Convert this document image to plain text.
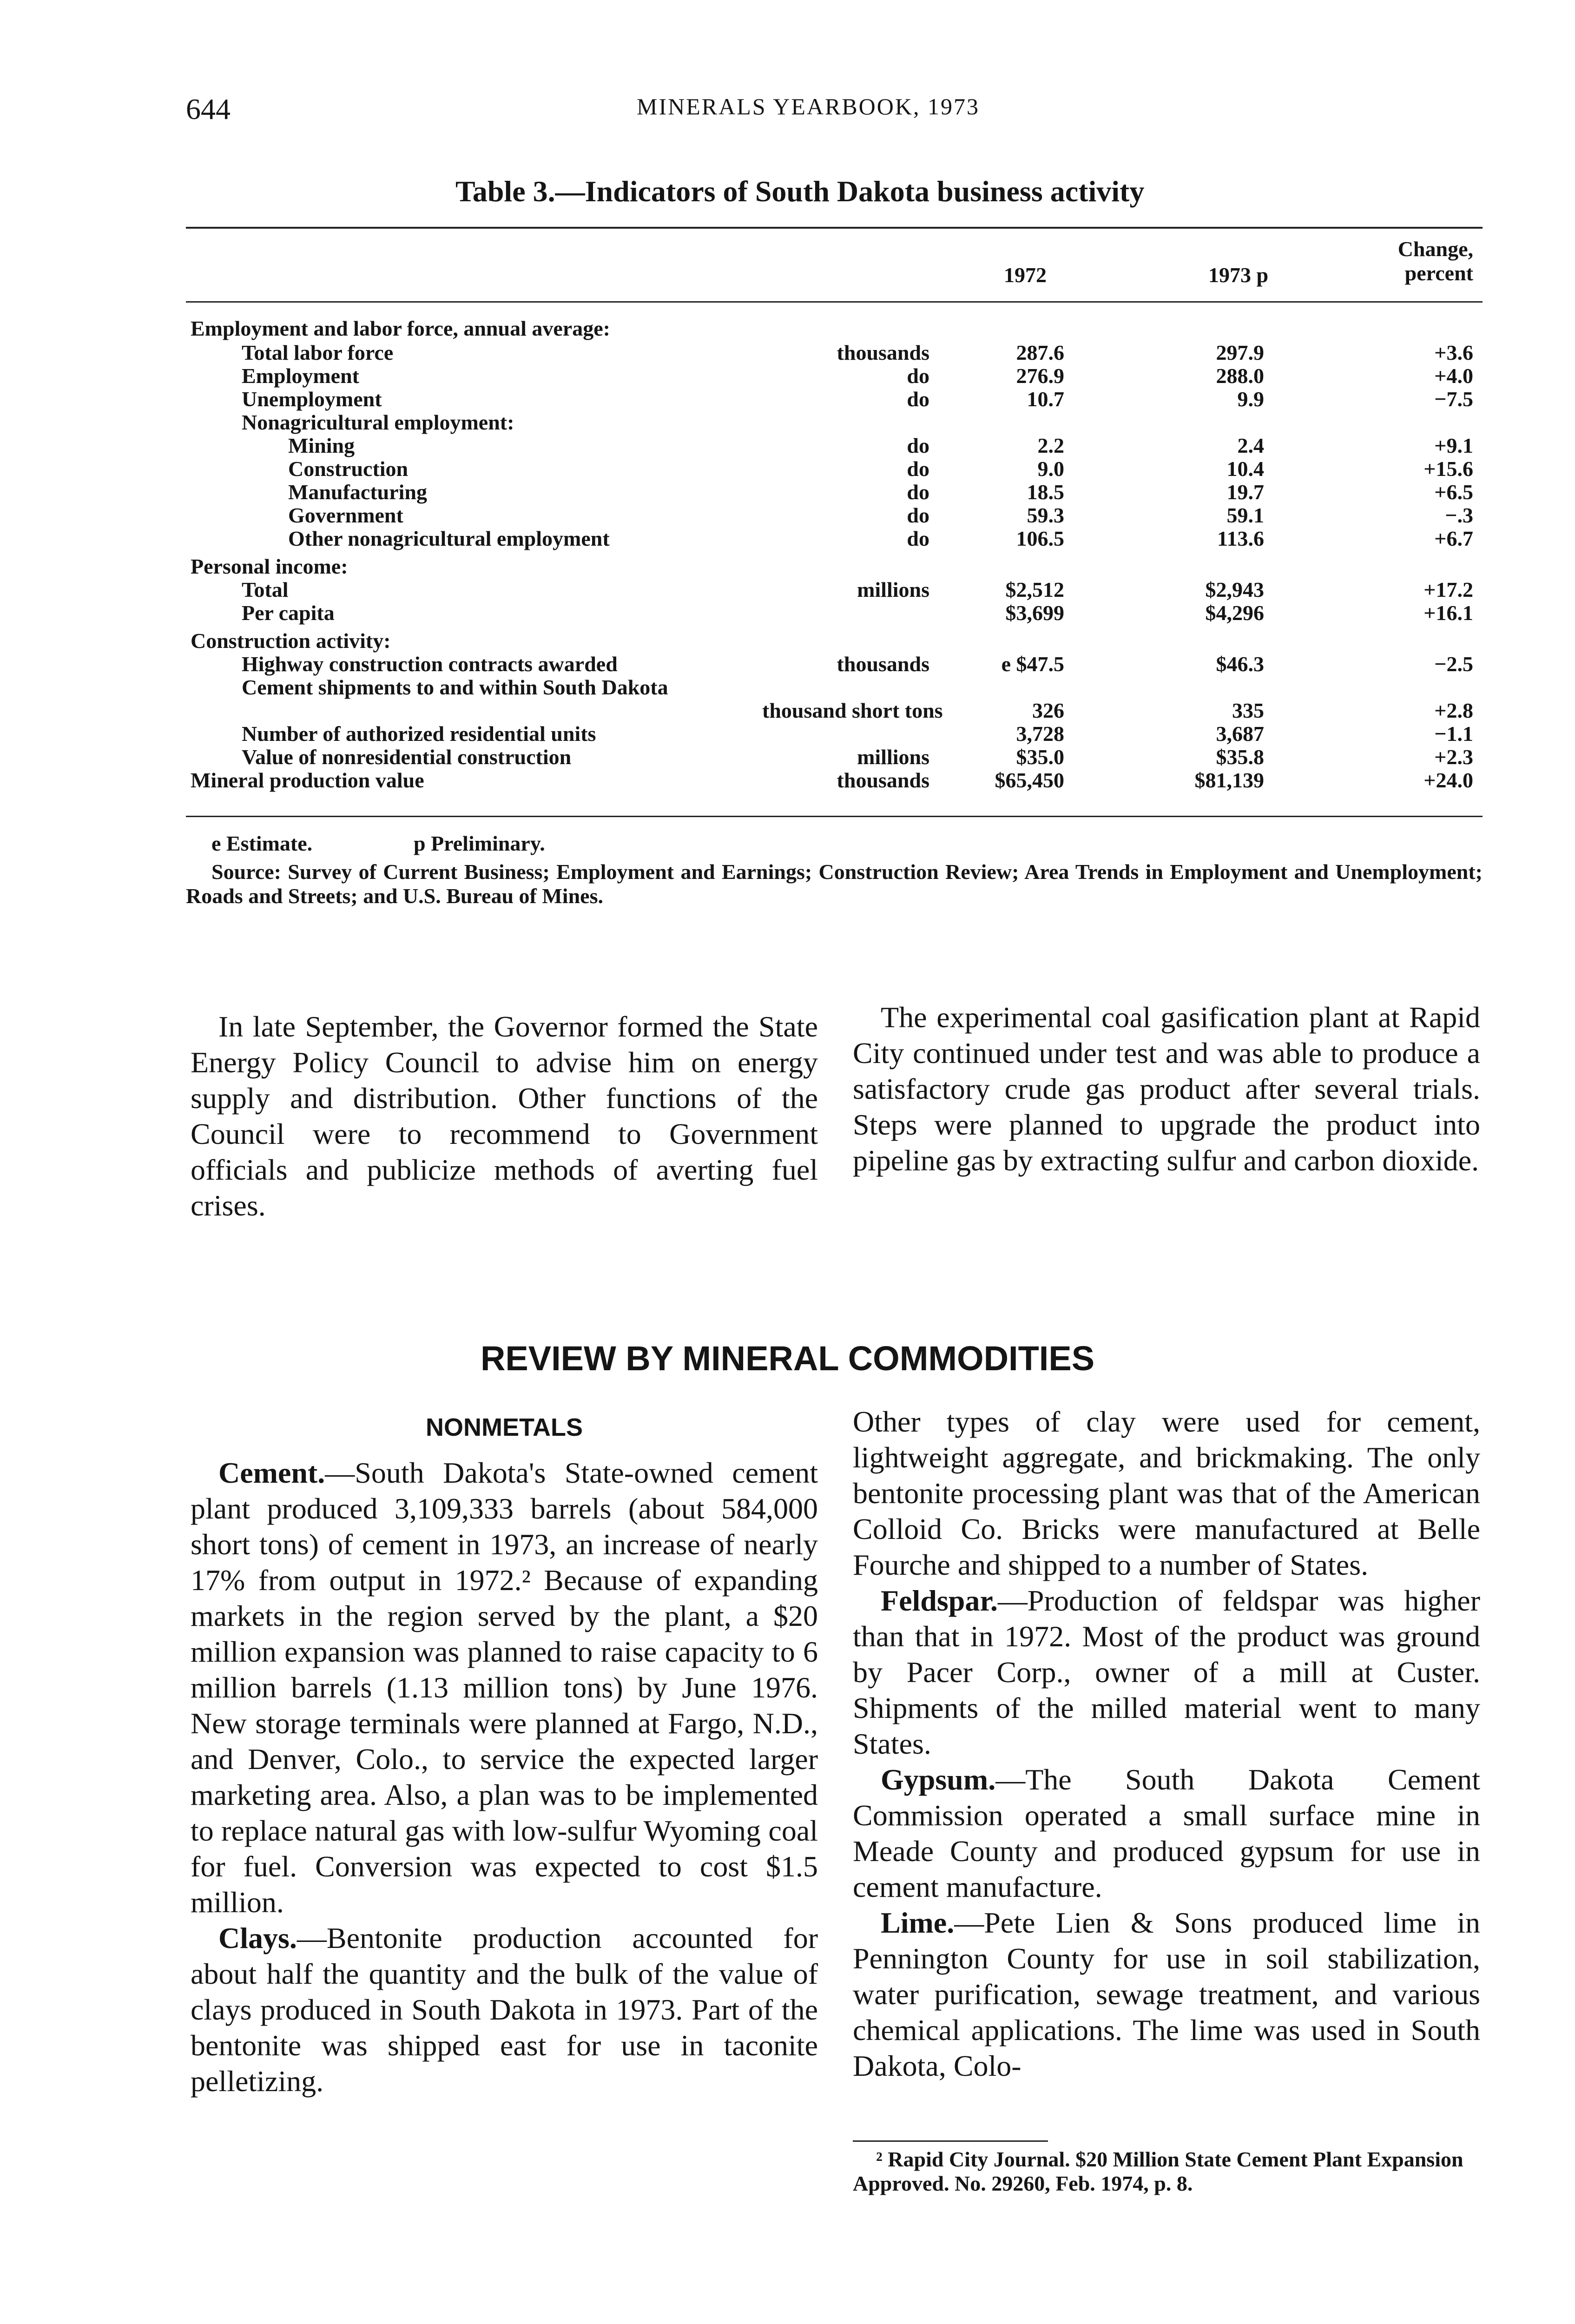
644	MINERALS YEARBOOK, 1973
Table 3.—Indicators of South Dakota business activity
1972	1973 p
Change, percent
Employment and labor force, annual average:
Total labor force	thousands	287.6	297.9	+3.6
Employment	do	276.9	288.0	+4.0
Unemployment	do	10.7	9.9	−7.5
Nonagricultural employment:
Mining	do	2.2	2.4	+9.1
Construction	do	9.0	10.4	+15.6
Manufacturing	do	18.5	19.7	+6.5
Government	do	59.3	59.1	−.3
Other nonagricultural employment	do	106.5	113.6	+6.7
Personal income:
Total	millions	$2,512	$2,943	+17.2
Per capita	$3,699	$4,296	+16.1
Construction activity:
Highway construction contracts awarded	thousands	e $47.5	$46.3	−2.5
Cement shipments to and within South Dakota
thousand short tons	326	335	+2.8
Number of authorized residential units	3,728	3,687	−1.1
Value of nonresidential construction	millions	$35.0	$35.8	+2.3
Mineral production value	thousands	$65,450	$81,139	+24.0
e Estimate.	p Preliminary.
Source: Survey of Current Business; Employment and Earnings; Construction Review; Area Trends in Employment and Unemployment; Roads and Streets; and U.S. Bureau of Mines.

In late September, the Governor formed the State Energy Policy Council to advise him on energy supply and distribution. Other functions of the Council were to recommend to Government officials and publicize methods of averting fuel crises.

The experimental coal gasification plant at Rapid City continued under test and was able to produce a satisfactory crude gas product after several trials. Steps were planned to upgrade the product into pipeline gas by extracting sulfur and carbon dioxide.

REVIEW BY MINERAL COMMODITIES
NONMETALS

Cement.—South Dakota's State-owned cement plant produced 3,109,333 barrels (about 584,000 short tons) of cement in 1973, an increase of nearly 17% from output in 1972.² Because of expanding markets in the region served by the plant, a $20 million expansion was planned to raise capacity to 6 million barrels (1.13 million tons) by June 1976. New storage terminals were planned at Fargo, N.D., and Denver, Colo., to service the expected larger marketing area. Also, a plan was to be implemented to replace natural gas with low-sulfur Wyoming coal for fuel. Conversion was expected to cost $1.5 million.

Clays.—Bentonite production accounted for about half the quantity and the bulk of the value of clays produced in South Dakota in 1973. Part of the bentonite was shipped east for use in taconite pelletizing.

Other types of clay were used for cement, lightweight aggregate, and brickmaking. The only bentonite processing plant was that of the American Colloid Co. Bricks were manufactured at Belle Fourche and shipped to a number of States.

Feldspar.—Production of feldspar was higher than that in 1972. Most of the product was ground by Pacer Corp., owner of a mill at Custer. Shipments of the milled material went to many States.

Gypsum.—The South Dakota Cement Commission operated a small surface mine in Meade County and produced gypsum for use in cement manufacture.

Lime.—Pete Lien & Sons produced lime in Pennington County for use in soil stabilization, water purification, sewage treatment, and various chemical applications. The lime was used in South Dakota, Colo-

² Rapid City Journal. $20 Million State Cement Plant Expansion Approved. No. 29260, Feb. 1974, p. 8.
